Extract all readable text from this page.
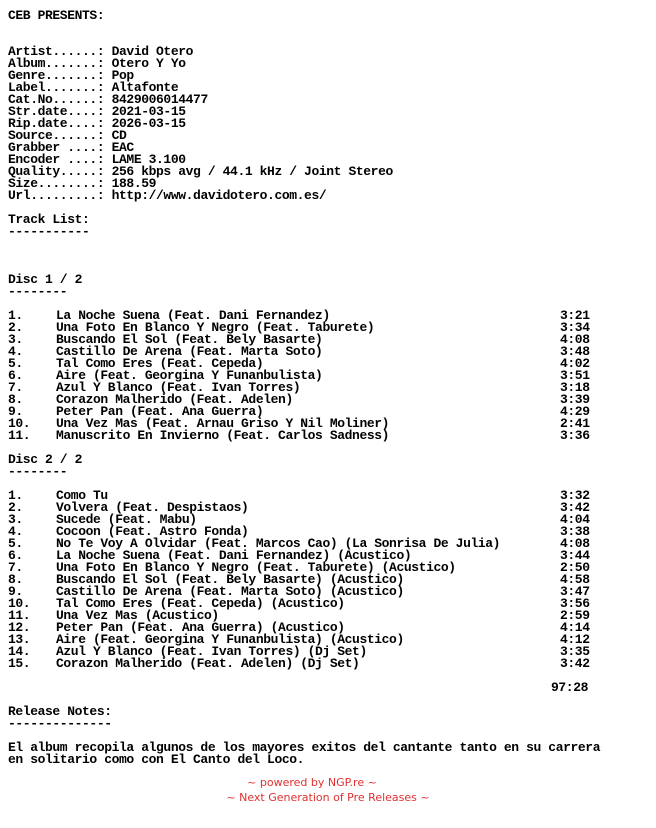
CEB PRESENTS:
Artist......:
David Otero
Album.......:
Otero Y Yo
Genre.......:
Pop
Label.......:
Altafonte
Cat.No......:
8429006014477
Str.date....:
2021-03-15
Rip.date....:
2026-03-15
Source......:
CD
Grabber ....:
EAC
Encoder ....:
LAME 3.100
Quality.....:
256 kbps avg / 44.1 kHz / Joint Stereo
Size........:
188.59
Url.........:
http://www.davidotero.com.es/
Track List:
-----------
Disc 1 / 2
--------
1.	La Noche Suena (Feat. Dani Fernandez)	3:21
2.	Una Foto En Blanco Y Negro (Feat. Taburete)	3:34
3.	Buscando El Sol (Feat. Bely Basarte)	4:08
4.	Castillo De Arena (Feat. Marta Soto)	3:48
5.	Tal Como Eres (Feat. Cepeda)	4:02
6.	Aire (Feat. Georgina Y Funanbulista)	3:51
7.	Azul Y Blanco (Feat. Ivan Torres)	3:18
8.	Corazon Malherido (Feat. Adelen)	3:39
9.	Peter Pan (Feat. Ana Guerra)	4:29
10.	Una Vez Mas (Feat. Arnau Griso Y Nil Moliner)	2:41
11.	Manuscrito En Invierno (Feat. Carlos Sadness)	3:36
Disc 2 / 2
--------
1.	Como Tu	3:32
2.	Volvera (Feat. Despistaos)	3:42
3.	Sucede (Feat. Mabu)	4:04
4.	Cocoon (Feat. Astro Fonda)	3:38
5.	No Te Voy A Olvidar (Feat. Marcos Cao) (La Sonrisa De Julia)	4:08
6.	La Noche Suena (Feat. Dani Fernandez) (Acustico)	3:44
7.	Una Foto En Blanco Y Negro (Feat. Taburete) (Acustico)	2:50
8.	Buscando El Sol (Feat. Bely Basarte) (Acustico)	4:58
9.	Castillo De Arena (Feat. Marta Soto) (Acustico)	3:47
10.	Tal Como Eres (Feat. Cepeda) (Acustico)	3:56
11.	Una Vez Mas (Acustico)	2:59
12.	Peter Pan (Feat. Ana Guerra) (Acustico)	4:14
13.	Aire (Feat. Georgina Y Funanbulista) (Acustico)	4:12
14.	Azul Y Blanco (Feat. Ivan Torres) (Dj Set)	3:35
15.	Corazon Malherido (Feat. Adelen) (Dj Set)	3:42
97:28
Release Notes:
--------------
El album recopila algunos de los mayores exitos del cantante tanto en su carrera
en solitario como con El Canto del Loco.
~ powered by NGP.re ~
~ Next Generation of Pre Releases ~
